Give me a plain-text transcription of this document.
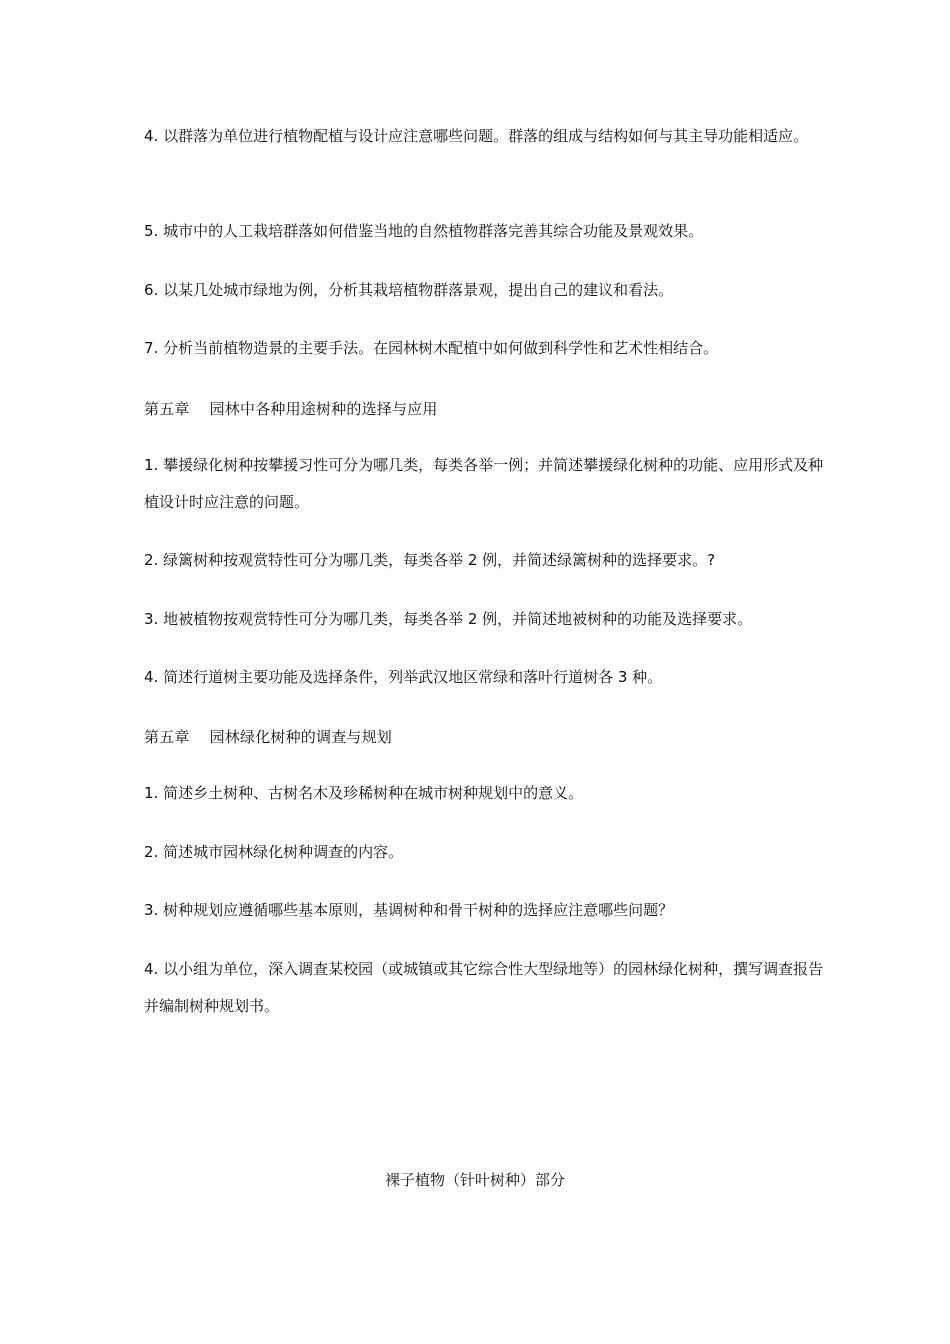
4. 以群落为单位进行植物配植与设计应注意哪些问题。群落的组成与结构如何与其主导功能相适应。

5. 城市中的人工栽培群落如何借鉴当地的自然植物群落完善其综合功能及景观效果。

6. 以某几处城市绿地为例，分析其栽培植物群落景观，提出自己的建议和看法。

7. 分析当前植物造景的主要手法。在园林树木配植中如何做到科学性和艺术性相结合。

第五章 园林中各种用途树种的选择与应用

1. 攀援绿化树种按攀援习性可分为哪几类，每类各举一例；并简述攀援绿化树种的功能、应用形式及种植设计时应注意的问题。

2. 绿篱树种按观赏特性可分为哪几类，每类各举 2 例，并简述绿篱树种的选择要求。?

3. 地被植物按观赏特性可分为哪几类，每类各举 2 例，并简述地被树种的功能及选择要求。

4. 简述行道树主要功能及选择条件，列举武汉地区常绿和落叶行道树各 3 种。

第五章 园林绿化树种的调查与规划

1. 简述乡土树种、古树名木及珍稀树种在城市树种规划中的意义。

2. 简述城市园林绿化树种调查的内容。

3. 树种规划应遵循哪些基本原则，基调树种和骨干树种的选择应注意哪些问题？

4. 以小组为单位，深入调查某校园（或城镇或其它综合性大型绿地等）的园林绿化树种，撰写调查报告并编制树种规划书。

裸子植物（针叶树种）部分
